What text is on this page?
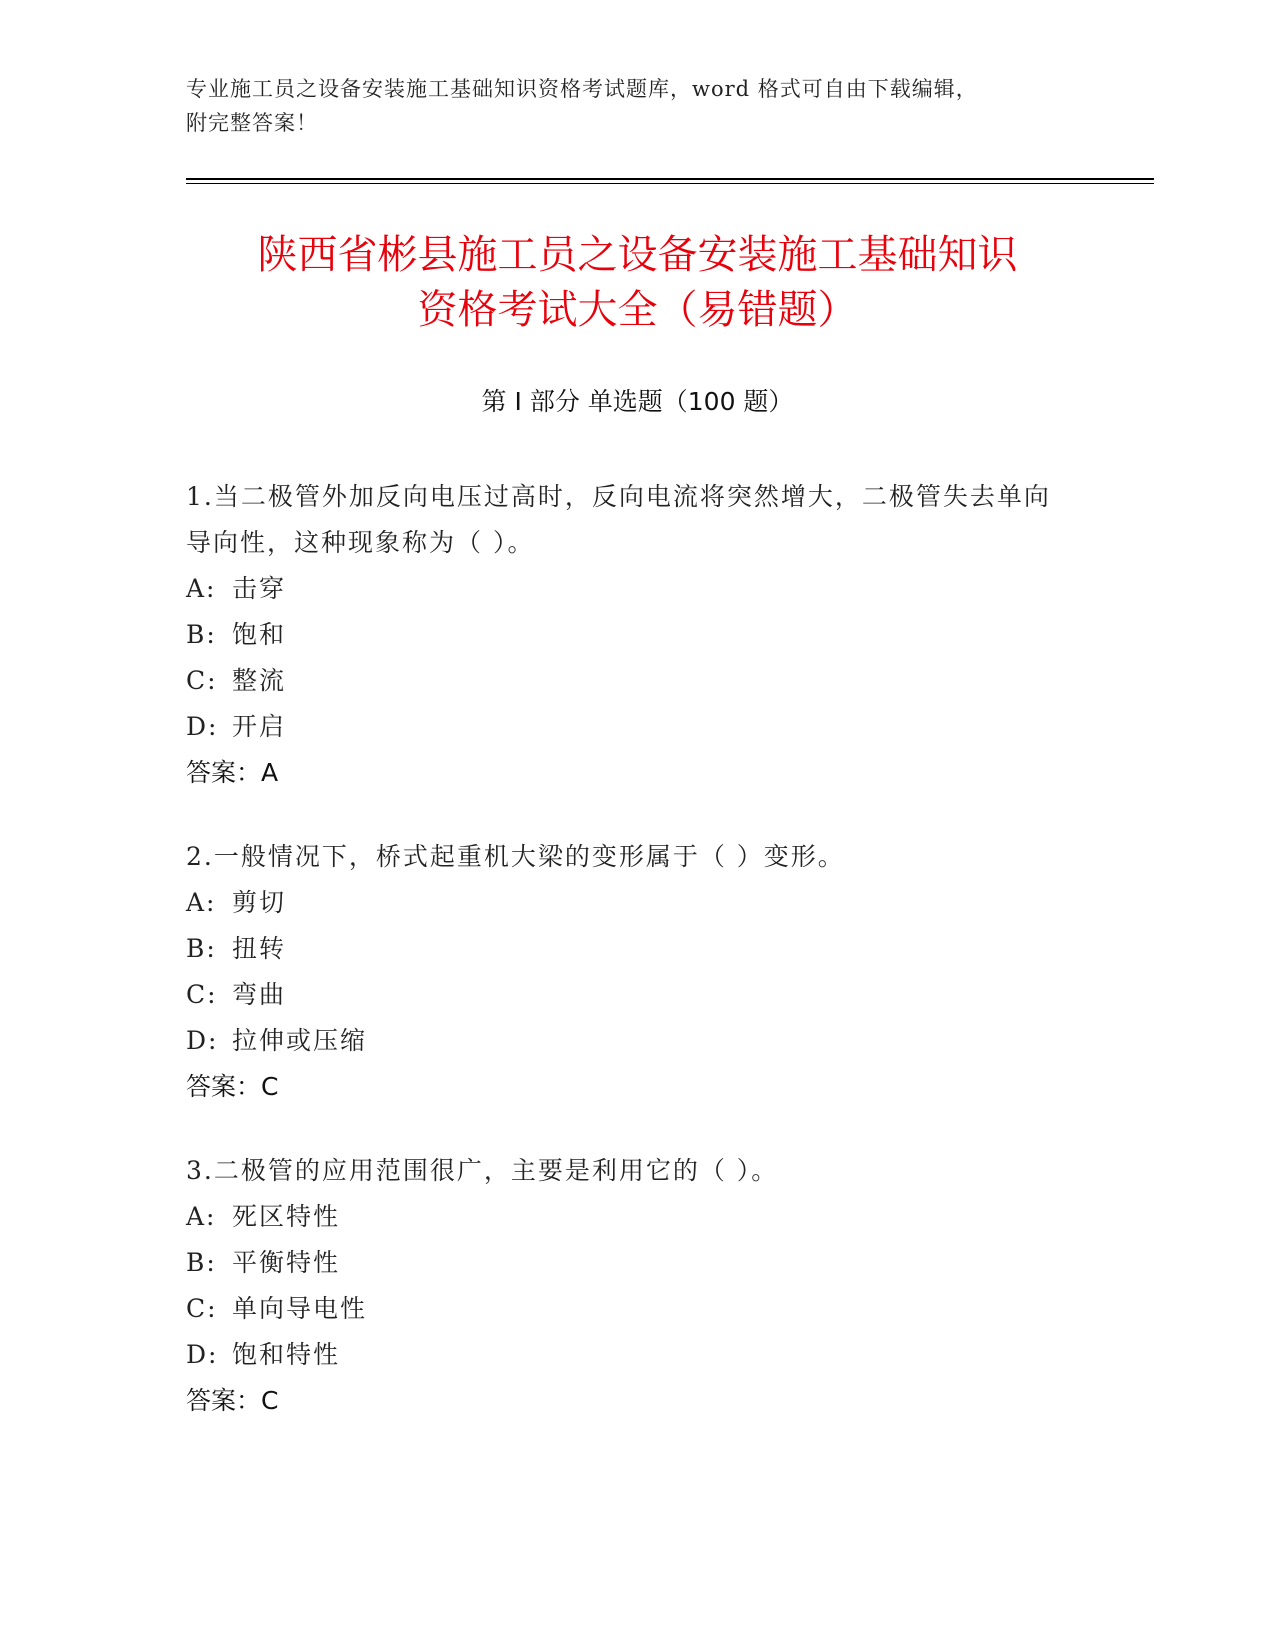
专业施工员之设备安装施工基础知识资格考试题库，word 格式可自由下载编辑，
附完整答案！
陕西省彬县施工员之设备安装施工基础知识
资格考试大全（易错题）
第 I 部分 单选题（100 题）
1.当二极管外加反向电压过高时，反向电流将突然增大，二极管失去单向导向性，这种现象称为（ ）。
A: 击穿
B: 饱和
C: 整流
D: 开启
答案：A
2.一般情况下，桥式起重机大梁的变形属于（ ）变形。
A: 剪切
B: 扭转
C: 弯曲
D: 拉伸或压缩
答案：C
3.二极管的应用范围很广，主要是利用它的（ ）。
A: 死区特性
B: 平衡特性
C: 单向导电性
D: 饱和特性
答案：C
